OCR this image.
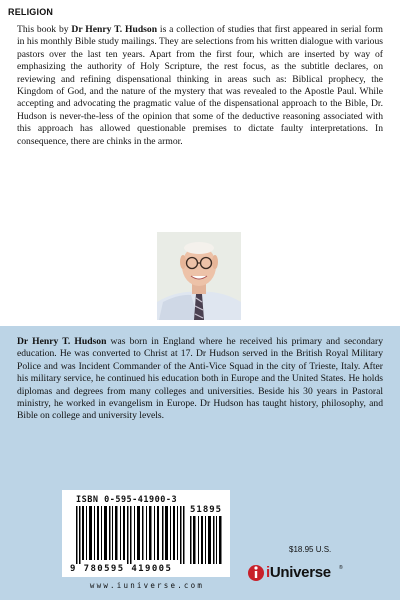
RELIGION

This book by Dr Henry T. Hudson is a collection of studies that first appeared in serial form in his monthly Bible study mailings. They are selections from his written dialogue with various pastors over the last ten years. Apart from the first four, which are inserted by way of emphasizing the authority of Holy Scripture, the rest focus, as the subtitle declares, on reviewing and refining dispensational thinking in areas such as: Biblical prophecy, the Kingdom of God, and the nature of the mystery that was revealed to the Apostle Paul. While accepting and advocating the pragmatic value of the dispensational approach to the Bible, Dr. Hudson is never-the-less of the opinion that some of the deductive reasoning associated with this approach has allowed questionable premises to dictate faulty interpretations. In consequence, there are chinks in the armor.

Dr Henry T. Hudson was born in England where he received his primary and secondary education. He was converted to Christ at 17. Dr Hudson served in the British Royal Military Police and was Incident Commander of the Anti-Vice Squad in the city of Trieste, Italy. After his military service, he continued his education both in Europe and the United States. He holds diplomas and degrees from many colleges and universities. Beside his 30 years in Pastoral ministry, he worked in evangelism in Europe. Dr Hudson has taught history, philosophy, and Bible on college and university levels.

ISBN 0-595-41900-3
51895
9 780595 419005
www.iuniverse.com
$18.95 U.S.
iUniverse ®
